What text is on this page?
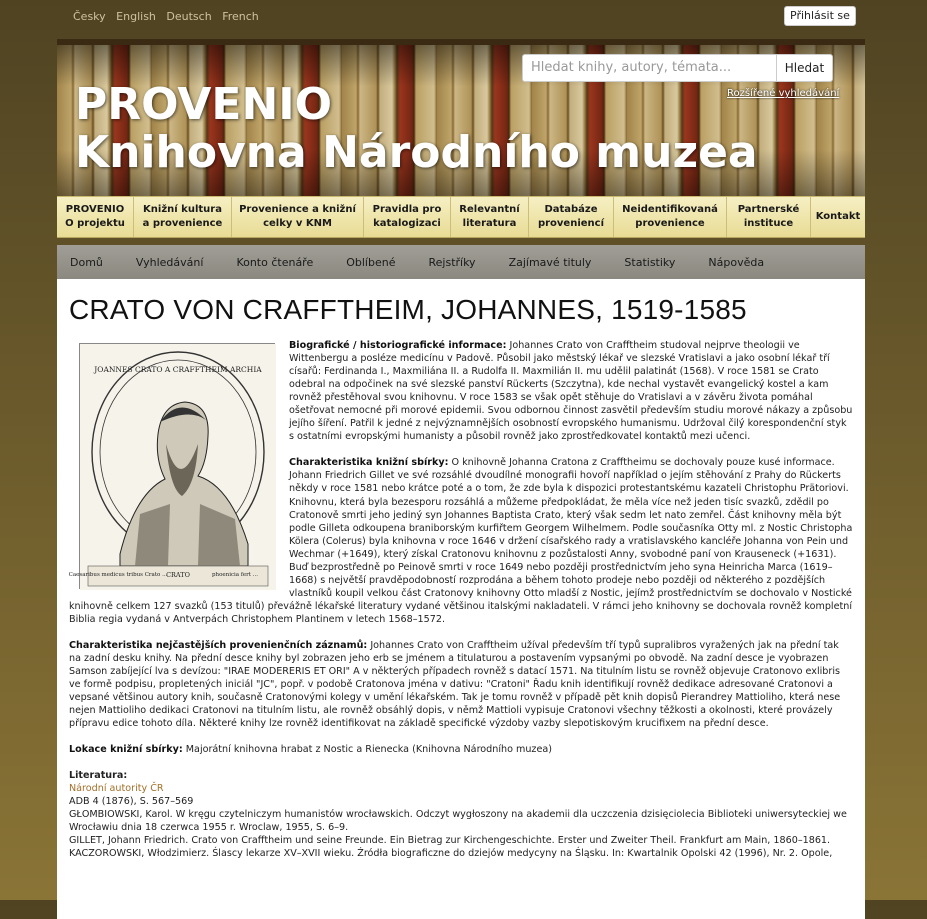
Česky English Deutsch French	Přihlásit se
PROVENIO
Knihovna Národního muzea
Hledat knihy, autory, témata...	Hledat
Rozšířené vyhledávání
PROVENIO
O projektu
Knižní kultura
a provenience
Provenience a knižní
celky v KNM
Pravidla pro
katalogizaci
Relevantní
literatura
Databáze
proveniencí
Neidentifikovaná
provenience
Partnerské
instituce
Kontakt
Domů	Vyhledávání	Konto čtenáře	Oblíbené	Rejstříky	Zajímavé tituly	Statistiky	Nápověda
CRATO VON CRAFFTHEIM, JOHANNES, 1519-1585
JOANNES CRATO A CRAFFTHEIM ARCHIA
Caesaribus medicus tribus Crato ...
CRATO	phoenicia fert ...

Biografické / historiografické informace: Johannes Crato von Crafftheim studoval nejprve theologii ve Wittenbergu a posléze medicínu v Padově. Působil jako městský lékař ve slezské Vratislavi a jako osobní lékař tří císařů: Ferdinanda I., Maxmiliána II. a Rudolfa II. Maxmilián II. mu udělil palatinát (1568). V roce 1581 se Crato odebral na odpočinek na své slezské panství Rückerts (Szczytna), kde nechal vystavět evangelický kostel a kam rovněž přestěhoval svou knihovnu. V roce 1583 se však opět stěhuje do Vratislavi a v závěru života pomáhal ošetřovat nemocné při morové epidemii. Svou odbornou činnost zasvětil především studiu morové nákazy a způsobu jejího šíření. Patřil k jedné z nejvýznamnějších osobností evropského humanismu. Udržoval čilý korespondenční styk s ostatními evropskými humanisty a působil rovněž jako zprostředkovatel kontaktů mezi učenci.

Charakteristika knižní sbírky: O knihovně Johanna Cratona z Crafftheimu se dochovaly pouze kusé informace. Johann Friedrich Gillet ve své rozsáhlé dvoudílné monografii hovoří například o jejím stěhování z Prahy do Rückerts někdy v roce 1581 nebo krátce poté a o tom, že zde byla k dispozici protestantskému kazateli Christophu Prätoriovi. Knihovnu, která byla bezesporu rozsáhlá a můžeme předpokládat, že měla více než jeden tisíc svazků, zdědil po Cratonově smrti jeho jediný syn Johannes Baptista Crato, který však sedm let nato zemřel. Část knihovny měla být podle Gilleta odkoupena braniborským kurfiřtem Georgem Wilhelmem. Podle současníka Otty ml. z Nostic Christopha Kölera (Colerus) byla knihovna v roce 1646 v držení císařského rady a vratislavského kancléře Johanna von Pein und Wechmar (+1649), který získal Cratonovu knihovnu z pozůstalosti Anny, svobodné paní von Krauseneck (+1631). Buď bezprostředně po Peinově smrti v roce 1649 nebo později prostřednictvím jeho syna Heinricha Marca (1619–1668) s největší pravděpodobností rozprodána a během tohoto prodeje nebo později od některého z pozdějších vlastníků koupil velkou část Cratonovy knihovny Otto mladší z Nostic, jejímž prostřednictvím se dochovalo v Nostické knihovně celkem 127 svazků (153 titulů) převážně lékařské literatury vydané většinou italskými nakladateli. V rámci jeho knihovny se dochovala rovněž kompletní Biblia regia vydaná v Antverpách Christophem Plantinem v letech 1568–1572.

Charakteristika nejčastějších provenienčních záznamů: Johannes Crato von Crafftheim užíval především tří typů supralibros vyražených jak na přední tak na zadní desku knihy. Na přední desce knihy byl zobrazen jeho erb se jménem a titulaturou a postavením vypsanými po obvodě. Na zadní desce je vyobrazen Samson zabíjející lva s devízou: "IRAE MODERERIS ET ORI" A v některých případech rovněž s datací 1571. Na titulním listu se rovněž objevuje Cratonovo exlibris ve formě podpisu, propletených iniciál "JC", popř. v podobě Cratonova jména v dativu: "Cratoni" Řadu knih identifikují rovněž dedikace adresované Cratonovi a vepsané většinou autory knih, současně Cratonovými kolegy v umění lékařském. Tak je tomu rovněž v případě pět knih dopisů Pierandrey Mattioliho, která nese nejen Mattioliho dedikaci Cratonovi na titulním listu, ale rovněž obsáhlý dopis, v němž Mattioli vypisuje Cratonovi všechny těžkosti a okolnosti, které provázely přípravu edice tohoto díla. Některé knihy lze rovněž identifikovat na základě specifické výzdoby vazby slepotiskovým krucifixem na přední desce.

Lokace knižní sbírky: Majorátní knihovna hrabat z Nostic a Rienecka (Knihovna Národního muzea)

Literatura:
Národní autority ČR
ADB 4 (1876), S. 567–569
GŁOMBIOWSKI, Karol. W kręgu czytelniczym humanistów wrocławskich. Odczyt wygłoszony na akademii dla uczczenia dzisięciolecia Biblioteki uniwersyteckiej we Wrocławiu dnia 18 czerwca 1955 r. Wroclaw, 1955, S. 6–9.
GILLET, Johann Friedrich. Crato von Crafftheim und seine Freunde. Ein Bietrag zur Kirchengeschichte. Erster und Zweiter Theil. Frankfurt am Main, 1860–1861.
KACZOROWSKI, Włodzimierz. Ślascy lekarze XV–XVII wieku. Źródła biograficzne do dziejów medycyny na Śląsku. In: Kwartalnik Opolski 42 (1996), Nr. 2. Opole,
